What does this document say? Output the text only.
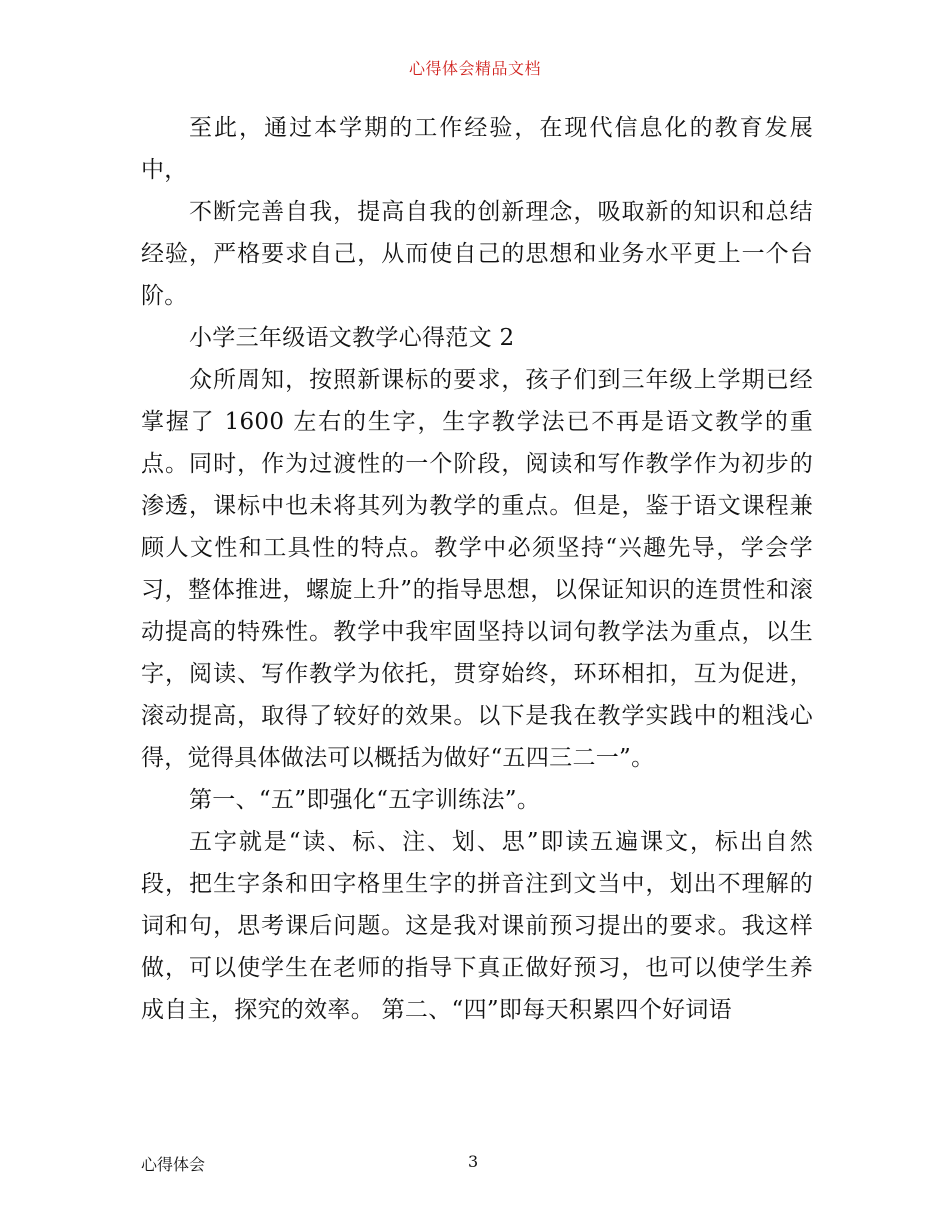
心得体会精品文档

至此，通过本学期的工作经验，在现代信息化的教育发展中，

不断完善自我，提高自我的创新理念，吸取新的知识和总结经验，严格要求自己，从而使自己的思想和业务水平更上一个台阶。

小学三年级语文教学心得范文 2

众所周知，按照新课标的要求，孩子们到三年级上学期已经掌握了 1600 左右的生字，生字教学法已不再是语文教学的重点。同时，作为过渡性的一个阶段，阅读和写作教学作为初步的渗透，课标中也未将其列为教学的重点。但是，鉴于语文课程兼顾人文性和工具性的特点。教学中必须坚持“兴趣先导，学会学习，整体推进，螺旋上升”的指导思想，以保证知识的连贯性和滚动提高的特殊性。教学中我牢固坚持以词句教学法为重点，以生字，阅读、写作教学为依托，贯穿始终，环环相扣，互为促进，滚动提高，取得了较好的效果。以下是我在教学实践中的粗浅心得，觉得具体做法可以概括为做好“五四三二一”。

第一、“五”即强化“五字训练法”。

五字就是“读、标、注、划、思”即读五遍课文，标出自然段，把生字条和田字格里生字的拼音注到文当中，划出不理解的词和句，思考课后问题。这是我对课前预习提出的要求。我这样做，可以使学生在老师的指导下真正做好预习，也可以使学生养成自主，探究的效率。 第二、“四”即每天积累四个好词语

心得体会	3
